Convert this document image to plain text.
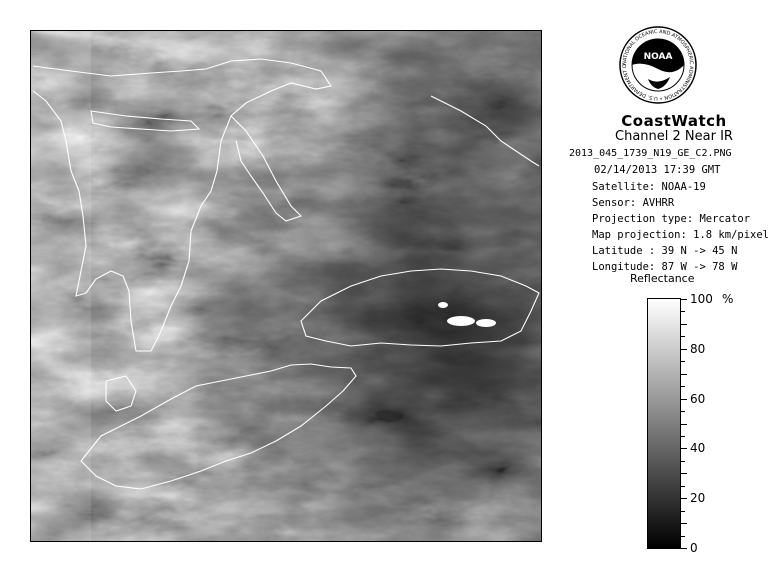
NOAA
NATIONAL OCEANIC AND ATMOSPHERIC ADMINISTRATION • U.S. DEPARTMENT O
CoastWatch
Channel 2 Near IR
2013_045_1739_N19_GE_C2.PNG
02/14/2013 17:39 GMT
Satellite: NOAA-19
Sensor: AVHRR
Projection type: Mercator
Map projection: 1.8 km/pixel
Latitude : 39 N -> 45 N
Longitude: 87 W -> 78 W
Reflectance
%
100
80
60
40
20
0
